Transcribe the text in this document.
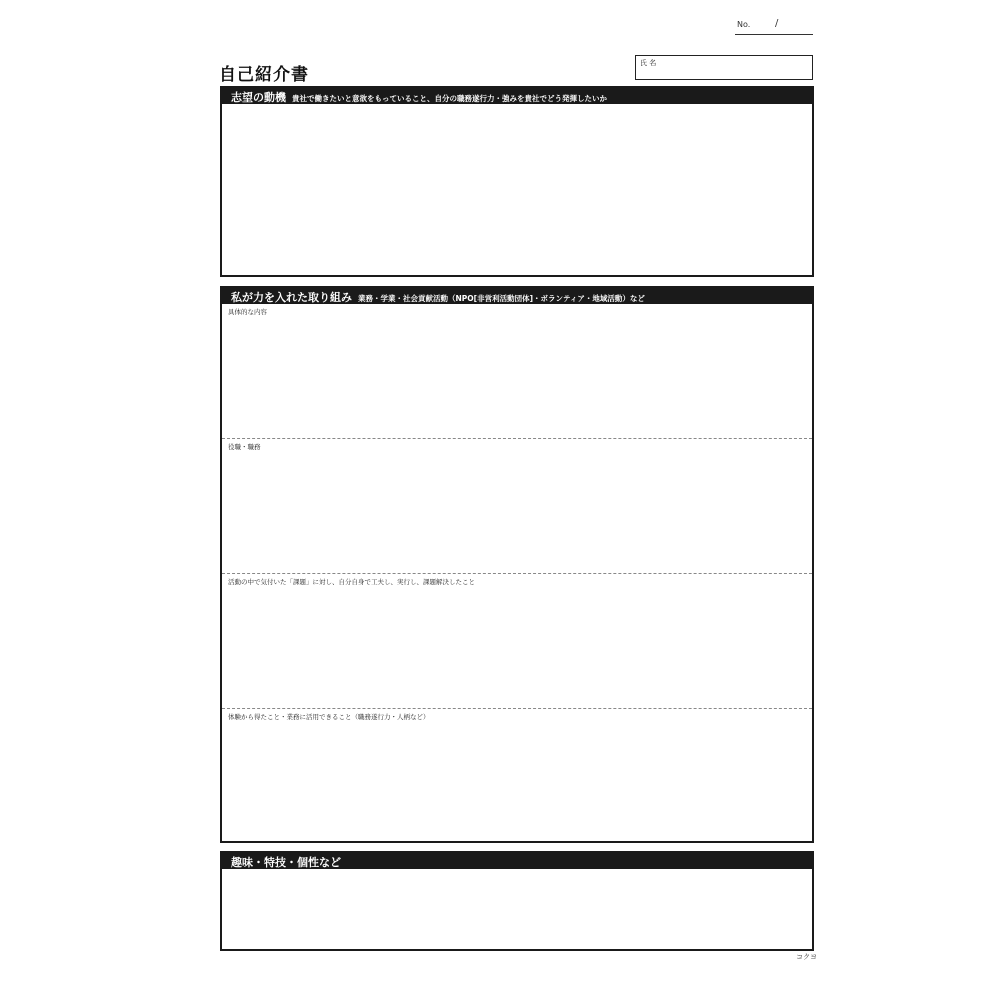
No. /
自己紹介書
氏 名
志望の動機 貴社で働きたいと意欲をもっていること、自分の職務遂行力・強みを貴社でどう発揮したいか
私が力を入れた取り組み 業務・学業・社会貢献活動（NPO[非営利活動団体]・ボランティア・地域活動）など
具体的な内容
役職・職務
活動の中で気付いた「課題」に対し、自分自身で工夫し、実行し、課題解決したこと
体験から得たこと・業務に活用できること（職務遂行力・人柄など）
趣味・特技・個性など
コクヨ
